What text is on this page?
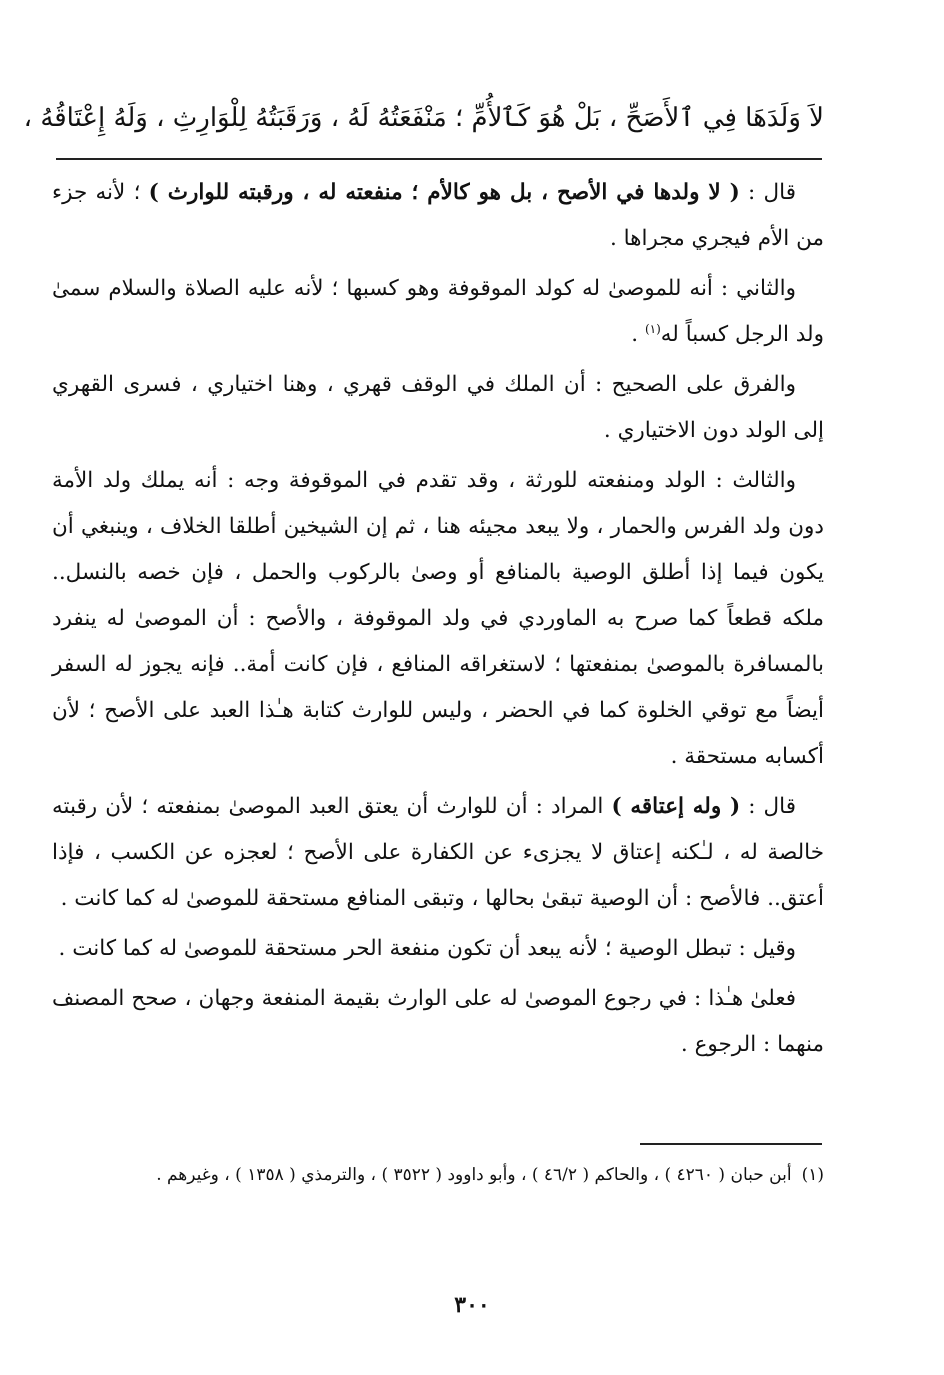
لاَ وَلَدَهَا فِي ٱلأَصَحِّ ، بَلْ هُوَ كَٱلأُمِّ ؛ مَنْفَعَتُهُ لَهُ ، وَرَقَبَتُهُ لِلْوَارِثِ ، وَلَهُ إِعْتَاقُهُ ،

قال : ( لا ولدها في الأصح ، بل هو كالأم ؛ منفعته له ، ورقبته للوارث ) ؛ لأنه جزء من الأم فيجري مجراها .

والثاني : أنه للموصىٰ له كولد الموقوفة وهو كسبها ؛ لأنه عليه الصلاة والسلام سمىٰ ولد الرجل كسباً له$^{(١)}$ .

والفرق على الصحيح : أن الملك في الوقف قهري ، وهنا اختياري ، فسرى القهري إلى الولد دون الاختياري .

والثالث : الولد ومنفعته للورثة ، وقد تقدم في الموقوفة وجه : أنه يملك ولد الأمة دون ولد الفرس والحمار ، ولا يبعد مجيئه هنا ، ثم إن الشيخين أطلقا الخلاف ، وينبغي أن يكون فيما إذا أطلق الوصية بالمنافع أو وصىٰ بالركوب والحمل ، فإن خصه بالنسل.. ملكه قطعاً كما صرح به الماوردي في ولد الموقوفة ، والأصح : أن الموصىٰ له ينفرد بالمسافرة بالموصىٰ بمنفعتها ؛ لاستغراقه المنافع ، فإن كانت أمة.. فإنه يجوز له السفر أيضاً مع توقي الخلوة كما في الحضر ، وليس للوارث كتابة هـٰذا العبد على الأصح ؛ لأن أكسابه مستحقة .

قال : ( وله إعتاقه ) المراد : أن للوارث أن يعتق العبد الموصىٰ بمنفعته ؛ لأن رقبته خالصة له ، لـٰكنه إعتاق لا يجزىء عن الكفارة على الأصح ؛ لعجزه عن الكسب ، فإذا أعتق.. فالأصح : أن الوصية تبقىٰ بحالها ، وتبقى المنافع مستحقة للموصىٰ له كما كانت .

وقيل : تبطل الوصية ؛ لأنه يبعد أن تكون منفعة الحر مستحقة للموصىٰ له كما كانت .

فعلىٰ هـٰذا : في رجوع الموصىٰ له على الوارث بقيمة المنفعة وجهان ، صحح المصنف منهما : الرجوع .

(١)أبن حبان ( ٤٢٦٠ ) ، والحاكم ( ٤٦/٢ ) ، وأبو داوود ( ٣٥٢٢ ) ، والترمذي ( ١٣٥٨ ) ، وغيرهم .
٣٠٠
